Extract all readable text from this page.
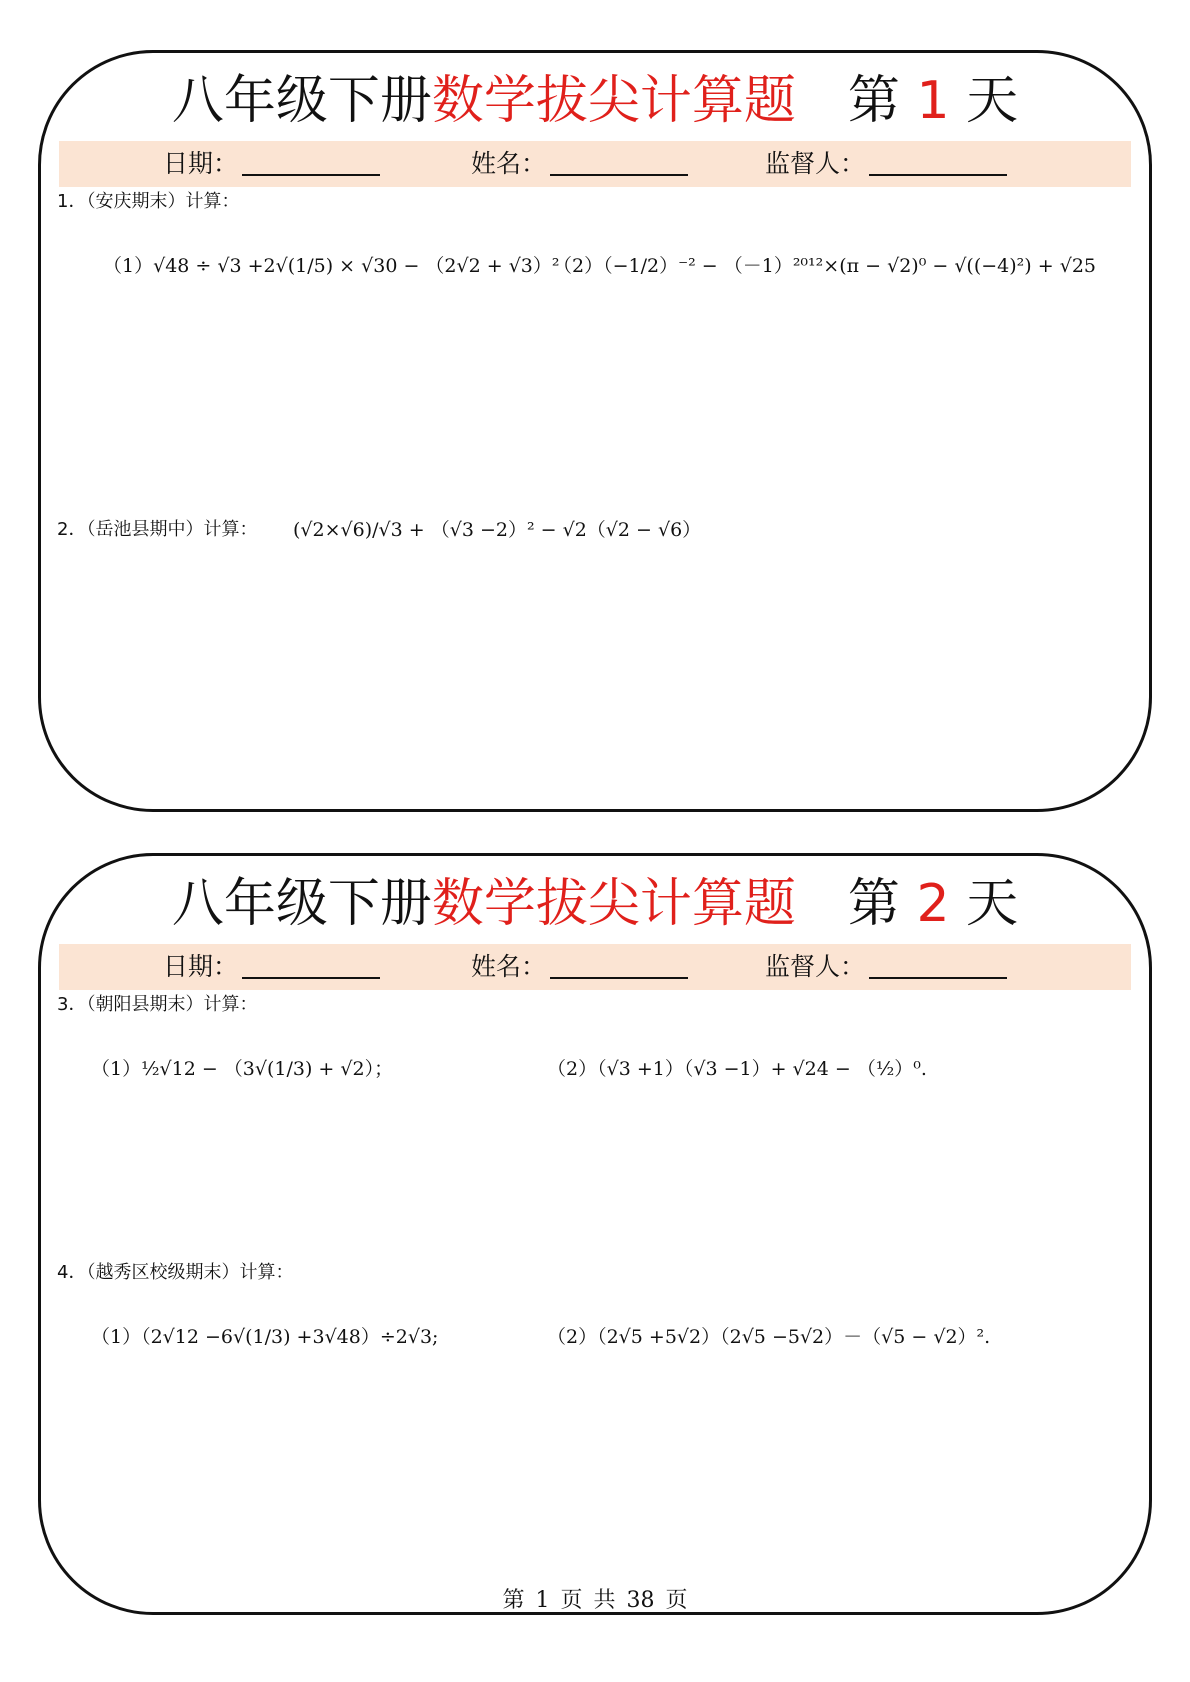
八年级下册数学拔尖计算题 第 1 天
日期：	姓名：	监督人：
1．（安庆期末）计算：
（1）√48 ÷ √3 +2√(1/5) × √30 − （2√2 + √3）²
（2）（−1/2）⁻² − （－1）²⁰¹²×(π − √2)⁰ − √((−4)²) + √25
2．（岳池县期中）计算： (√2×√6)/√3 + （√3 −2）² − √2（√2 − √6）
八年级下册数学拔尖计算题 第 2 天
日期：	姓名：	监督人：
3．（朝阳县期末）计算：
（1）½√12 − （3√(1/3) + √2）；	（2）（√3 +1）（√3 −1）+ √24 − （½）⁰.
4．（越秀区校级期末）计算：
（1）（2√12 −6√(1/3) +3√48）÷2√3;	（2）（2√5 +5√2）（2√5 −5√2）－（√5 − √2）².
第 1 页 共 38 页
